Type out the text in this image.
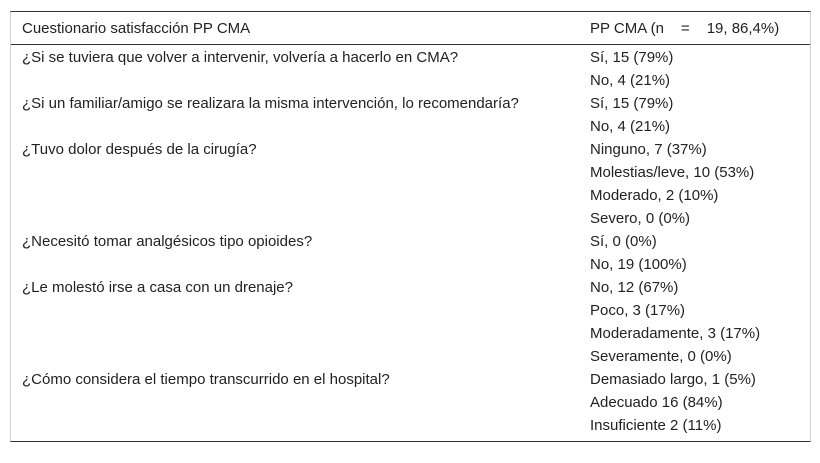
Cuestionario satisfacción PP CMA	PP CMA (n = 19, 86,4%)
¿Si se tuviera que volver a intervenir, volvería a hacerlo en CMA?	Sí, 15 (79%)
No, 4 (21%)
¿Si un familiar/amigo se realizara la misma intervención, lo recomendaría?	Sí, 15 (79%)
No, 4 (21%)
¿Tuvo dolor después de la cirugía?	Ninguno, 7 (37%)
Molestias/leve, 10 (53%)
Moderado, 2 (10%)
Severo, 0 (0%)
¿Necesitó tomar analgésicos tipo opioides?	Sí, 0 (0%)
No, 19 (100%)
¿Le molestó irse a casa con un drenaje?	No, 12 (67%)
Poco, 3 (17%)
Moderadamente, 3 (17%)
Severamente, 0 (0%)
¿Cómo considera el tiempo transcurrido en el hospital?	Demasiado largo, 1 (5%)
Adecuado 16 (84%)
Insuficiente 2 (11%)
